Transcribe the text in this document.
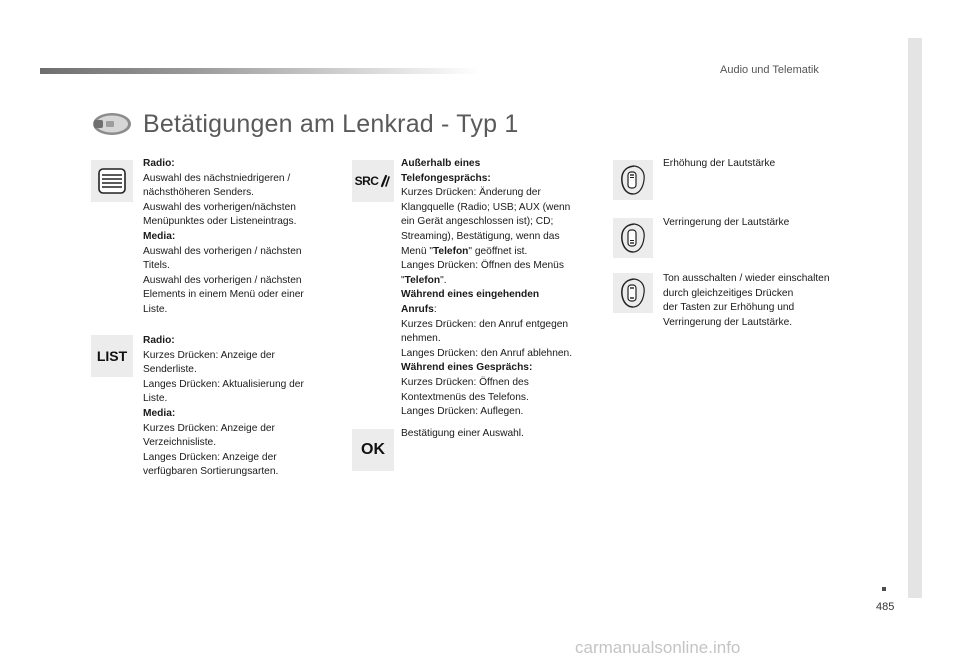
Audio und Telematik
485
Betätigungen am Lenkrad - Typ 1
Radio:
Auswahl des nächstniedrigeren /
nächsthöheren Senders.
Auswahl des vorherigen/nächsten
Menüpunktes oder Listeneintrags.
Media:
Auswahl des vorherigen / nächsten
Titels.
Auswahl des vorherigen / nächsten
Elements in einem Menü oder einer
Liste.
LIST
Radio:
Kurzes Drücken: Anzeige der
Senderliste.
Langes Drücken: Aktualisierung der
Liste.
Media:
Kurzes Drücken: Anzeige der
Verzeichnisliste.
Langes Drücken: Anzeige der
verfügbaren Sortierungsarten.
SRC
Außerhalb eines
Telefongesprächs:
Kurzes Drücken: Änderung der
Klangquelle (Radio; USB; AUX (wenn
ein Gerät angeschlossen ist); CD;
Streaming), Bestätigung, wenn das
Menü "Telefon" geöffnet ist.
Langes Drücken: Öffnen des Menüs
"Telefon".
Während eines eingehenden
Anrufs:
Kurzes Drücken: den Anruf entgegen
nehmen.
Langes Drücken: den Anruf ablehnen.
Während eines Gesprächs:
Kurzes Drücken: Öffnen des
Kontextmenüs des Telefons.
Langes Drücken: Auflegen.
OK
Bestätigung einer Auswahl.
Erhöhung der Lautstärke
Verringerung der Lautstärke
Ton ausschalten / wieder einschalten
durch gleichzeitiges Drücken
der Tasten zur Erhöhung und
Verringerung der Lautstärke.
carmanualsonline.info
